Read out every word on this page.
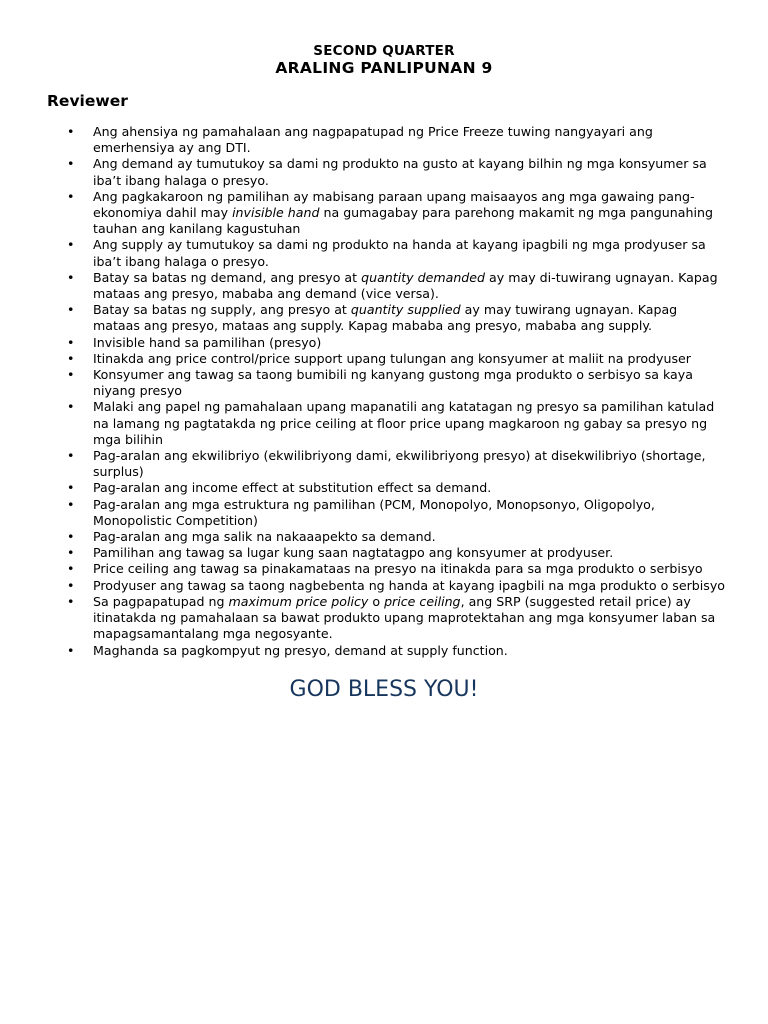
SECOND QUARTER
ARALING PANLIPUNAN 9
Reviewer
• Ang ahensiya ng pamahalaan ang nagpapatupad ng Price Freeze tuwing nangyayari ang emerhensiya ay ang DTI.
• Ang demand ay tumutukoy sa dami ng produkto na gusto at kayang bilhin ng mga konsyumer sa iba’t ibang halaga o presyo.
• Ang pagkakaroon ng pamilihan ay mabisang paraan upang maisaayos ang mga gawaing pang-ekonomiya dahil may invisible hand na gumagabay para parehong makamit ng mga pangunahing tauhan ang kanilang kagustuhan
• Ang supply ay tumutukoy sa dami ng produkto na handa at kayang ipagbili ng mga prodyuser sa iba’t ibang halaga o presyo.
• Batay sa batas ng demand, ang presyo at quantity demanded ay may di-tuwirang ugnayan. Kapag mataas ang presyo, mababa ang demand (vice versa).
• Batay sa batas ng supply, ang presyo at quantity supplied ay may tuwirang ugnayan. Kapag mataas ang presyo, mataas ang supply. Kapag mababa ang presyo, mababa ang supply.
• Invisible hand sa pamilihan (presyo)
• Itinakda ang price control/price support upang tulungan ang konsyumer at maliit na prodyuser
• Konsyumer ang tawag sa taong bumibili ng kanyang gustong mga produkto o serbisyo sa kaya niyang presyo
• Malaki ang papel ng pamahalaan upang mapanatili ang katatagan ng presyo sa pamilihan katulad na lamang ng pagtatakda ng price ceiling at floor price upang magkaroon ng gabay sa presyo ng mga bilihin
• Pag-aralan ang ekwilibriyo (ekwilibriyong dami, ekwilibriyong presyo) at disekwilibriyo (shortage, surplus)
• Pag-aralan ang income effect at substitution effect sa demand.
• Pag-aralan ang mga estruktura ng pamilihan (PCM, Monopolyo, Monopsonyo, Oligopolyo, Monopolistic Competition)
• Pag-aralan ang mga salik na nakaaapekto sa demand.
• Pamilihan ang tawag sa lugar kung saan nagtatagpo ang konsyumer at prodyuser.
• Price ceiling ang tawag sa pinakamataas na presyo na itinakda para sa mga produkto o serbisyo
• Prodyuser ang tawag sa taong nagbebenta ng handa at kayang ipagbili na mga produkto o serbisyo
• Sa pagpapatupad ng maximum price policy o price ceiling, ang SRP (suggested retail price) ay itinatakda ng pamahalaan sa bawat produkto upang maprotektahan ang mga konsyumer laban sa mapagsamantalang mga negosyante.
• Maghanda sa pagkompyut ng presyo, demand at supply function.
GOD BLESS YOU!
